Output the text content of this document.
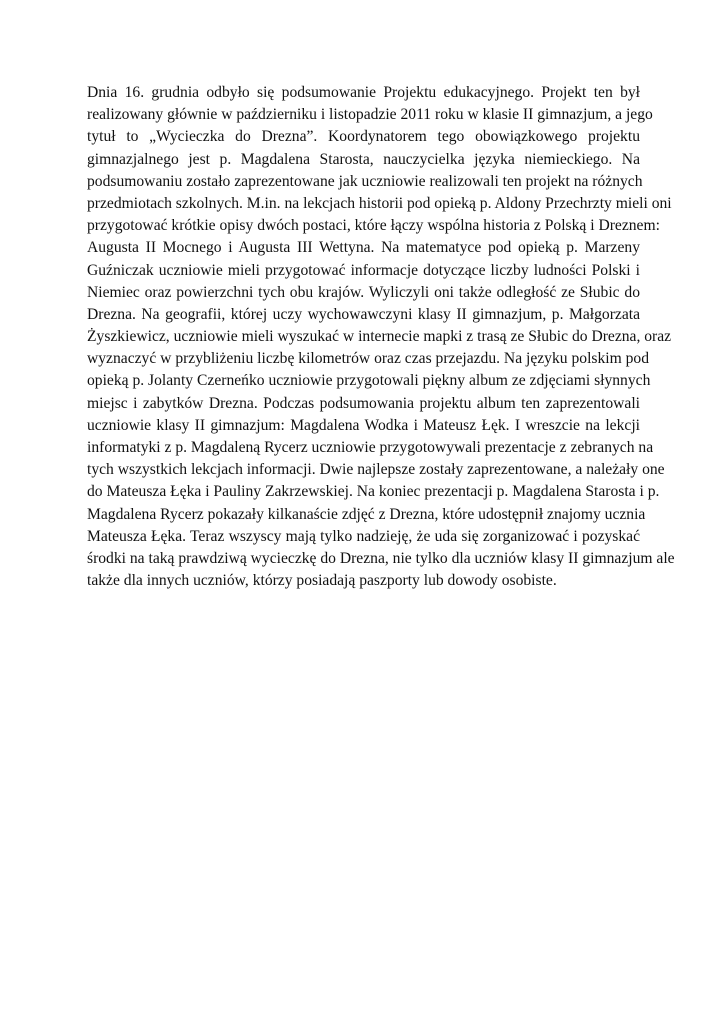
Dnia 16. grudnia odbyło się podsumowanie Projektu edukacyjnego. Projekt ten był
realizowany głównie w październiku i listopadzie 2011 roku w klasie II gimnazjum, a jego
tytuł to „Wycieczka do Drezna”. Koordynatorem tego obowiązkowego projektu
gimnazjalnego jest p. Magdalena Starosta, nauczycielka języka niemieckiego. Na
podsumowaniu zostało zaprezentowane jak uczniowie realizowali ten projekt na różnych
przedmiotach szkolnych. M.in. na lekcjach historii pod opieką p. Aldony Przechrzty mieli oni
przygotować krótkie opisy dwóch postaci, które łączy wspólna historia z Polską i Dreznem:
Augusta II Mocnego i Augusta III Wettyna. Na matematyce pod opieką p. Marzeny
Guźniczak uczniowie mieli przygotować informacje dotyczące liczby ludności Polski i
Niemiec oraz powierzchni tych obu krajów. Wyliczyli oni także odległość ze Słubic do
Drezna. Na geografii, której uczy wychowawczyni klasy II gimnazjum, p. Małgorzata
Żyszkiewicz, uczniowie mieli wyszukać w internecie mapki z trasą ze Słubic do Drezna, oraz
wyznaczyć w przybliżeniu liczbę kilometrów oraz czas przejazdu. Na języku polskim pod
opieką p. Jolanty Czerneńko uczniowie przygotowali piękny album ze zdjęciami słynnych
miejsc i zabytków Drezna. Podczas podsumowania projektu album ten zaprezentowali
uczniowie klasy II gimnazjum: Magdalena Wodka i Mateusz Łęk. I wreszcie na lekcji
informatyki z p. Magdaleną Rycerz uczniowie przygotowywali prezentacje z zebranych na
tych wszystkich lekcjach informacji. Dwie najlepsze zostały zaprezentowane, a należały one
do Mateusza Łęka i Pauliny Zakrzewskiej. Na koniec prezentacji p. Magdalena Starosta i p.
Magdalena Rycerz pokazały kilkanaście zdjęć z Drezna, które udostępnił znajomy ucznia
Mateusza Łęka. Teraz wszyscy mają tylko nadzieję, że uda się zorganizować i pozyskać
środki na taką prawdziwą wycieczkę do Drezna, nie tylko dla uczniów klasy II gimnazjum ale
także dla innych uczniów, którzy posiadają paszporty lub dowody osobiste.
